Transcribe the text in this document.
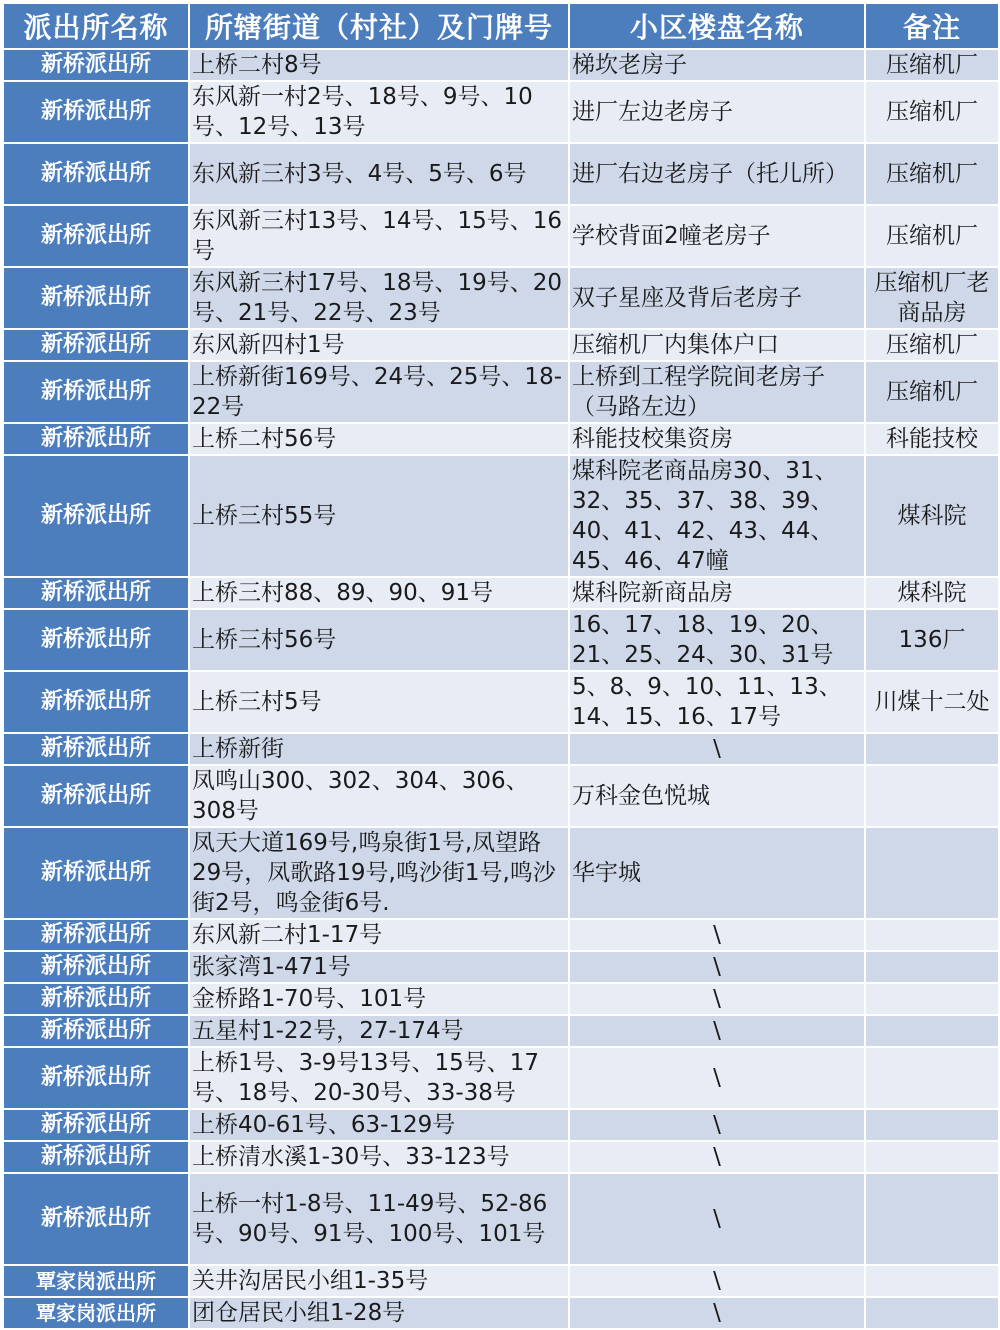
派出所名称	所辖街道（村社）及门牌号	小区楼盘名称	备注
新桥派出所	上桥二村8号	梯坎老房子	压缩机厂
新桥派出所	东风新一村2号、18号、9号、10号、12号、13号	进厂左边老房子	压缩机厂
新桥派出所	东风新三村3号、4号、5号、6号	进厂右边老房子（托儿所）	压缩机厂
新桥派出所	东风新三村13号、14号、15号、16号	学校背面2幢老房子	压缩机厂
新桥派出所	东风新三村17号、18号、19号、20号、21号、22号、23号	双子星座及背后老房子	压缩机厂老商品房
新桥派出所	东风新四村1号	压缩机厂内集体户口	压缩机厂
新桥派出所	上桥新街169号、24号、25号、18-22号	上桥到工程学院间老房子（马路左边）	压缩机厂
新桥派出所	上桥二村56号	科能技校集资房	科能技校
新桥派出所	上桥三村55号	煤科院老商品房30、31、32、35、37、38、39、40、41、42、43、44、45、46、47幢	煤科院
新桥派出所	上桥三村88、89、90、91号	煤科院新商品房	煤科院
新桥派出所	上桥三村56号	16、17、18、19、20、21、25、24、30、31号	136厂
新桥派出所	上桥三村5号	5、8、9、10、11、13、14、15、16、17号	川煤十二处
新桥派出所	上桥新街	\	
新桥派出所	凤鸣山300、302、304、306、308号	万科金色悦城	
新桥派出所	凤天大道169号,鸣泉街1号,凤望路29号，凤歌路19号,鸣沙街1号,鸣沙街2号，鸣金街6号.	华宇城	
新桥派出所	东风新二村1-17号	\	
新桥派出所	张家湾1-471号	\	
新桥派出所	金桥路1-70号、101号	\	
新桥派出所	五星村1-22号，27-174号	\	
新桥派出所	上桥1号、3-9号13号、15号、17号、18号、20-30号、33-38号	\	
新桥派出所	上桥40-61号、63-129号	\	
新桥派出所	上桥清水溪1-30号、33-123号	\	
新桥派出所	上桥一村1-8号、11-49号、52-86号、90号、91号、100号、101号	\	
覃家岗派出所	关井沟居民小组1-35号	\	
覃家岗派出所	团仓居民小组1-28号	\	
